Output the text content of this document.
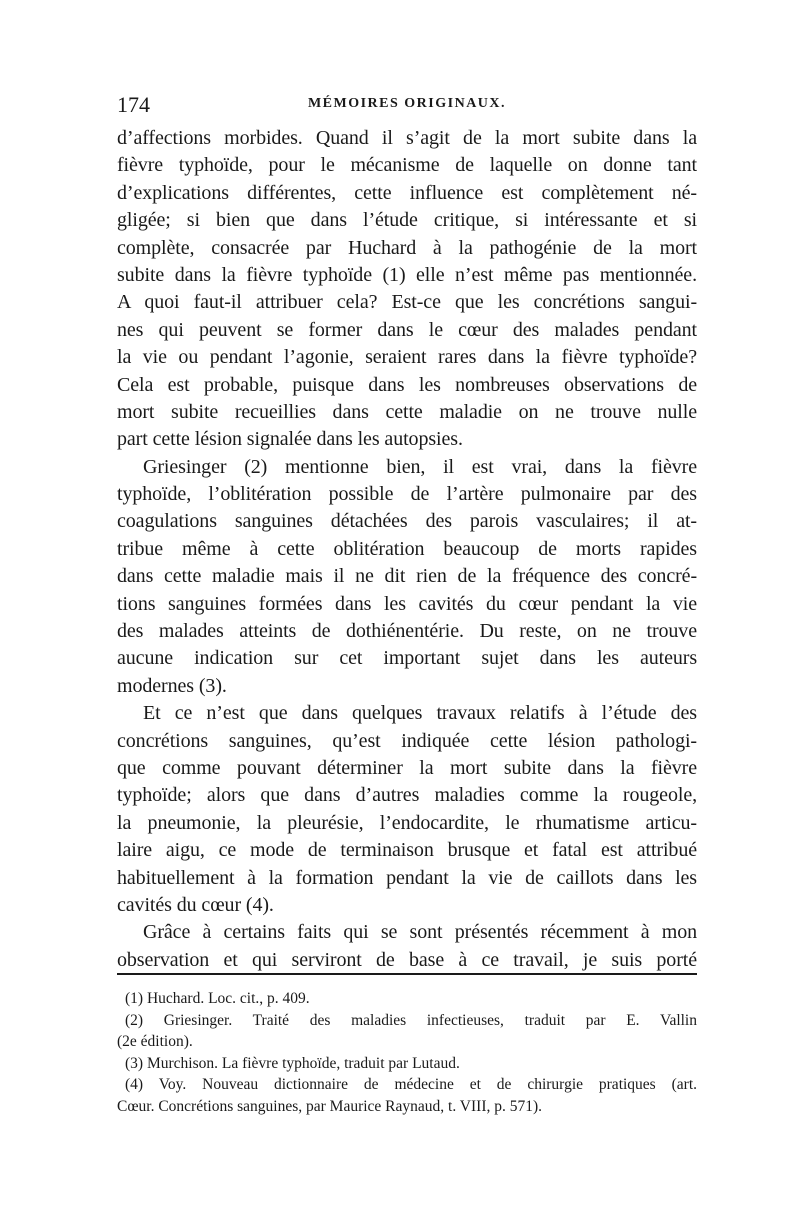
174	MÉMOIRES ORIGINAUX.
d’affections morbides. Quand il s’agit de la mort subite dans la
fièvre typhoïde, pour le mécanisme de laquelle on donne tant
d’explications différentes, cette influence est complètement né-
gligée; si bien que dans l’étude critique, si intéressante et si
complète, consacrée par Huchard à la pathogénie de la mort
subite dans la fièvre typhoïde (1) elle n’est même pas mentionnée.
A quoi faut-il attribuer cela? Est-ce que les concrétions sangui-
nes qui peuvent se former dans le cœur des malades pendant
la vie ou pendant l’agonie, seraient rares dans la fièvre typhoïde?
Cela est probable, puisque dans les nombreuses observations de
mort subite recueillies dans cette maladie on ne trouve nulle
part cette lésion signalée dans les autopsies.
Griesinger (2) mentionne bien, il est vrai, dans la fièvre
typhoïde, l’oblitération possible de l’artère pulmonaire par des
coagulations sanguines détachées des parois vasculaires; il at-
tribue même à cette oblitération beaucoup de morts rapides
dans cette maladie mais il ne dit rien de la fréquence des concré-
tions sanguines formées dans les cavités du cœur pendant la vie
des malades atteints de dothiénentérie. Du reste, on ne trouve
aucune indication sur cet important sujet dans les auteurs
modernes (3).
Et ce n’est que dans quelques travaux relatifs à l’étude des
concrétions sanguines, qu’est indiquée cette lésion pathologi-
que comme pouvant déterminer la mort subite dans la fièvre
typhoïde; alors que dans d’autres maladies comme la rougeole,
la pneumonie, la pleurésie, l’endocardite, le rhumatisme articu-
laire aigu, ce mode de terminaison brusque et fatal est attribué
habituellement à la formation pendant la vie de caillots dans les
cavités du cœur (4).
Grâce à certains faits qui se sont présentés récemment à mon
observation et qui serviront de base à ce travail, je suis porté
(1) Huchard. Loc. cit., p. 409.
(2) Griesinger. Traité des maladies infectieuses, traduit par E. Vallin
(2e édition).
(3) Murchison. La fièvre typhoïde, traduit par Lutaud.
(4) Voy. Nouveau dictionnaire de médecine et de chirurgie pratiques (art.
Cœur. Concrétions sanguines, par Maurice Raynaud, t. VIII, p. 571).
